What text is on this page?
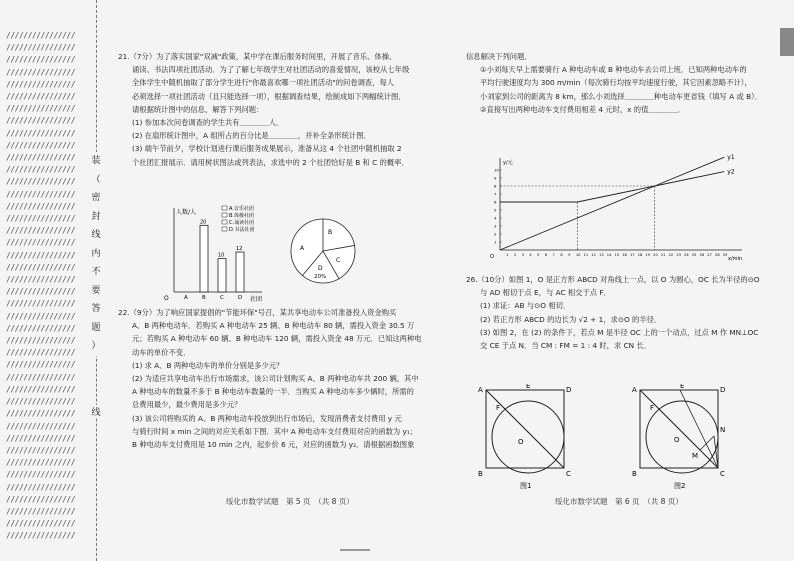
////////////////
////////////////
////////////////
////////////////
////////////////
////////////////
////////////////
////////////////
////////////////
////////////////
////////////////
////////////////
////////////////
////////////////
////////////////
////////////////
////////////////
////////////////
////////////////
////////////////
////////////////
////////////////
////////////////
////////////////
////////////////
////////////////
////////////////
////////////////
////////////////
////////////////
////////////////
////////////////
////////////////
////////////////
////////////////
////////////////
////////////////
////////////////
////////////////
////////////////
////////////////
////////////////
装
（
密
封
线
内
不
要
答
题
）
线

21.（7分）为了落实国家"双减"政策，某中学在课后服务时间里，开展了音乐、体操、

诵读、书法四项社团活动．为了了解七年级学生对社团活动的喜爱情况，该校从七年级

全体学生中随机抽取了部分学生进行"你最喜欢哪一项社团活动"的问卷调查，每人

必须选择一项社团活动（且只能选择一项），根据调查结果，绘制成如下两幅统计图．

请根据统计图中的信息，解答下列问题：

(1) 参加本次问卷调查的学生共有＿＿＿＿人．

(2) 在扇形统计图中，A 组所占的百分比是＿＿＿＿，并补全条形统计图．

(3) 端午节前夕，学校计划进行课后服务成果展示，准备从这 4 个社团中随机抽取 2

个社团汇报展示．请用树状图法或列表法，求选中的 2 个社团恰好是 B 和 C 的概率．

人数/人
社团
O	A	B
20
C
10
D
12
A.音乐社团
B.体操社团
C.诵读社团
D.书法社团
A
B
C
D
20%

22.（9分）为了响应国家提倡的"节能环保"号召，某共享电动车公司准备投入资金购买

A、B 两种电动车．若购买 A 种电动车 25 辆、B 种电动车 80 辆，需投入资金 30.5 万

元；若购买 A 种电动车 60 辆、B 种电动车 120 辆，需投入资金 48 万元．已知这两种电

动车的单价不变．

(1) 求 A、B 两种电动车的单价分别是多少元？

(2) 为适应共享电动车出行市场需求，该公司计划购买 A、B 两种电动车共 200 辆，其中

A 种电动车的数量不多于 B 种电动车数量的一半．当购买 A 种电动车多少辆时，所需的

总费用最少，最少费用是多少元？

(3) 该公司将购买的 A、B 两种电动车投放到出行市场后，发现消费者支付费用 y 元

与骑行时间 x min 之间的对应关系如下图．其中 A 种电动车支付费用对应的函数为 y₁；

B 种电动车支付费用是 10 min 之内，起步价 6 元，对应的函数为 y₂．请根据函数图象

绥化市数学试题　第 5 页　（共 8 页）

信息解决下列问题．

①小刘每天早上需要骑行 A 种电动车或 B 种电动车去公司上班．已知两种电动车的

平均行驶速度均为 300 m/min（每次骑行均按平均速度行驶，其它因素忽略不计），

小刘家到公司的距离为 8 km，那么小刘选择＿＿＿＿种电动车更省钱（填写 A 或 B）．

②直接写出两种电动车支付费用相差 4 元时，x 的值＿＿＿＿．

y/元
x/min
O	1 2 3 4 5 6 7 8 9 10 11 12 13 14 15 16 17 18 19 20 21 22 23 24 25 26 27 28 29
1
2
3
4
5
6
7
8
9
10
y1
y2

26.（10分）如图 1，O 是正方形 ABCD 对角线上一点，以 O 为圆心，OC 长为半径的⊙O

与 AD 相切于点 E，与 AC 相交于点 F．

(1) 求证：AB 与⊙O 相切．

(2) 若正方形 ABCD 的边长为 √2 + 1，求⊙O 的半径．

(3) 如图 2，在 (2) 的条件下，若点 M 是半径 OC 上的一个动点，过点 M 作 MN⊥OC

交 CE 于点 N．当 CM : FM = 1 : 4 时，求 CN 长．

A	D
E
F
O
B	C
图1
A	D
E
F
O
M
N
B	C
图2
绥化市数学试题　第 6 页　（共 8 页）
